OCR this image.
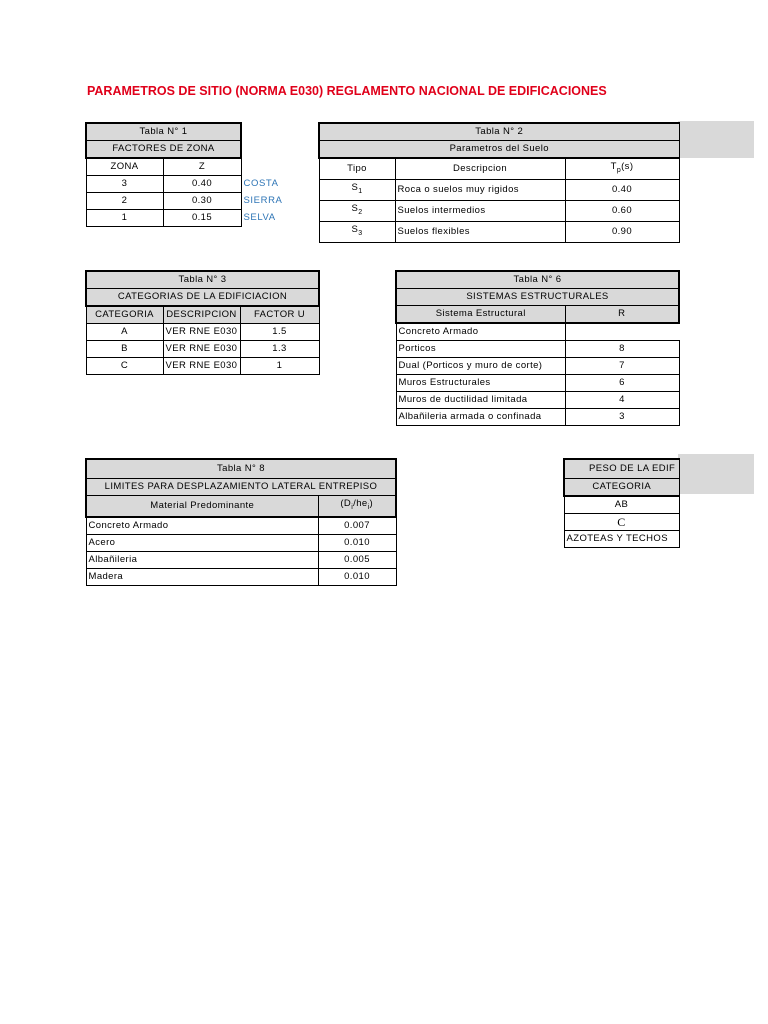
PARAMETROS DE SITIO (NORMA E030) REGLAMENTO NACIONAL DE EDIFICACIONES
Tabla N° 1		
FACTORES DE ZONA		
ZONA	Z	
3	0.40	COSTA
2	0.30	SIERRA
1	0.15	SELVA
Tabla N° 2		
Parametros del Suelo		
Tipo	Descripcion	$T_p(s)$
$S_1$	Roca o suelos muy rigidos	0.40
$S_2$	Suelos intermedios	0.60
$S_3$	Suelos flexibles	0.90
Tabla N° 3		
CATEGORIAS DE LA EDIFICIACION		
CATEGORIA	DESCRIPCION	FACTOR U
A	VER RNE E030	1.5
B	VER RNE E030	1.3
C	VER RNE E030	1
Tabla N° 6	
SISTEMAS ESTRUCTURALES	
Sistema Estructural	R
Concreto Armado	
Porticos	8
Dual (Porticos y muro de corte)	7
Muros Estructurales	6
Muros de ductilidad limitada	4
Albañileria armada o confinada	3
Tabla N° 8	
LIMITES PARA DESPLAZAMIENTO LATERAL ENTREPISO	
Material Predominante	$(D_i/he_i)$
Concreto Armado	0.007
Acero	0.010
Albañileria	0.005
Madera	0.010
PESO DE LA EDIF
CATEGORIA
AB
C
AZOTEAS Y TECHOS
